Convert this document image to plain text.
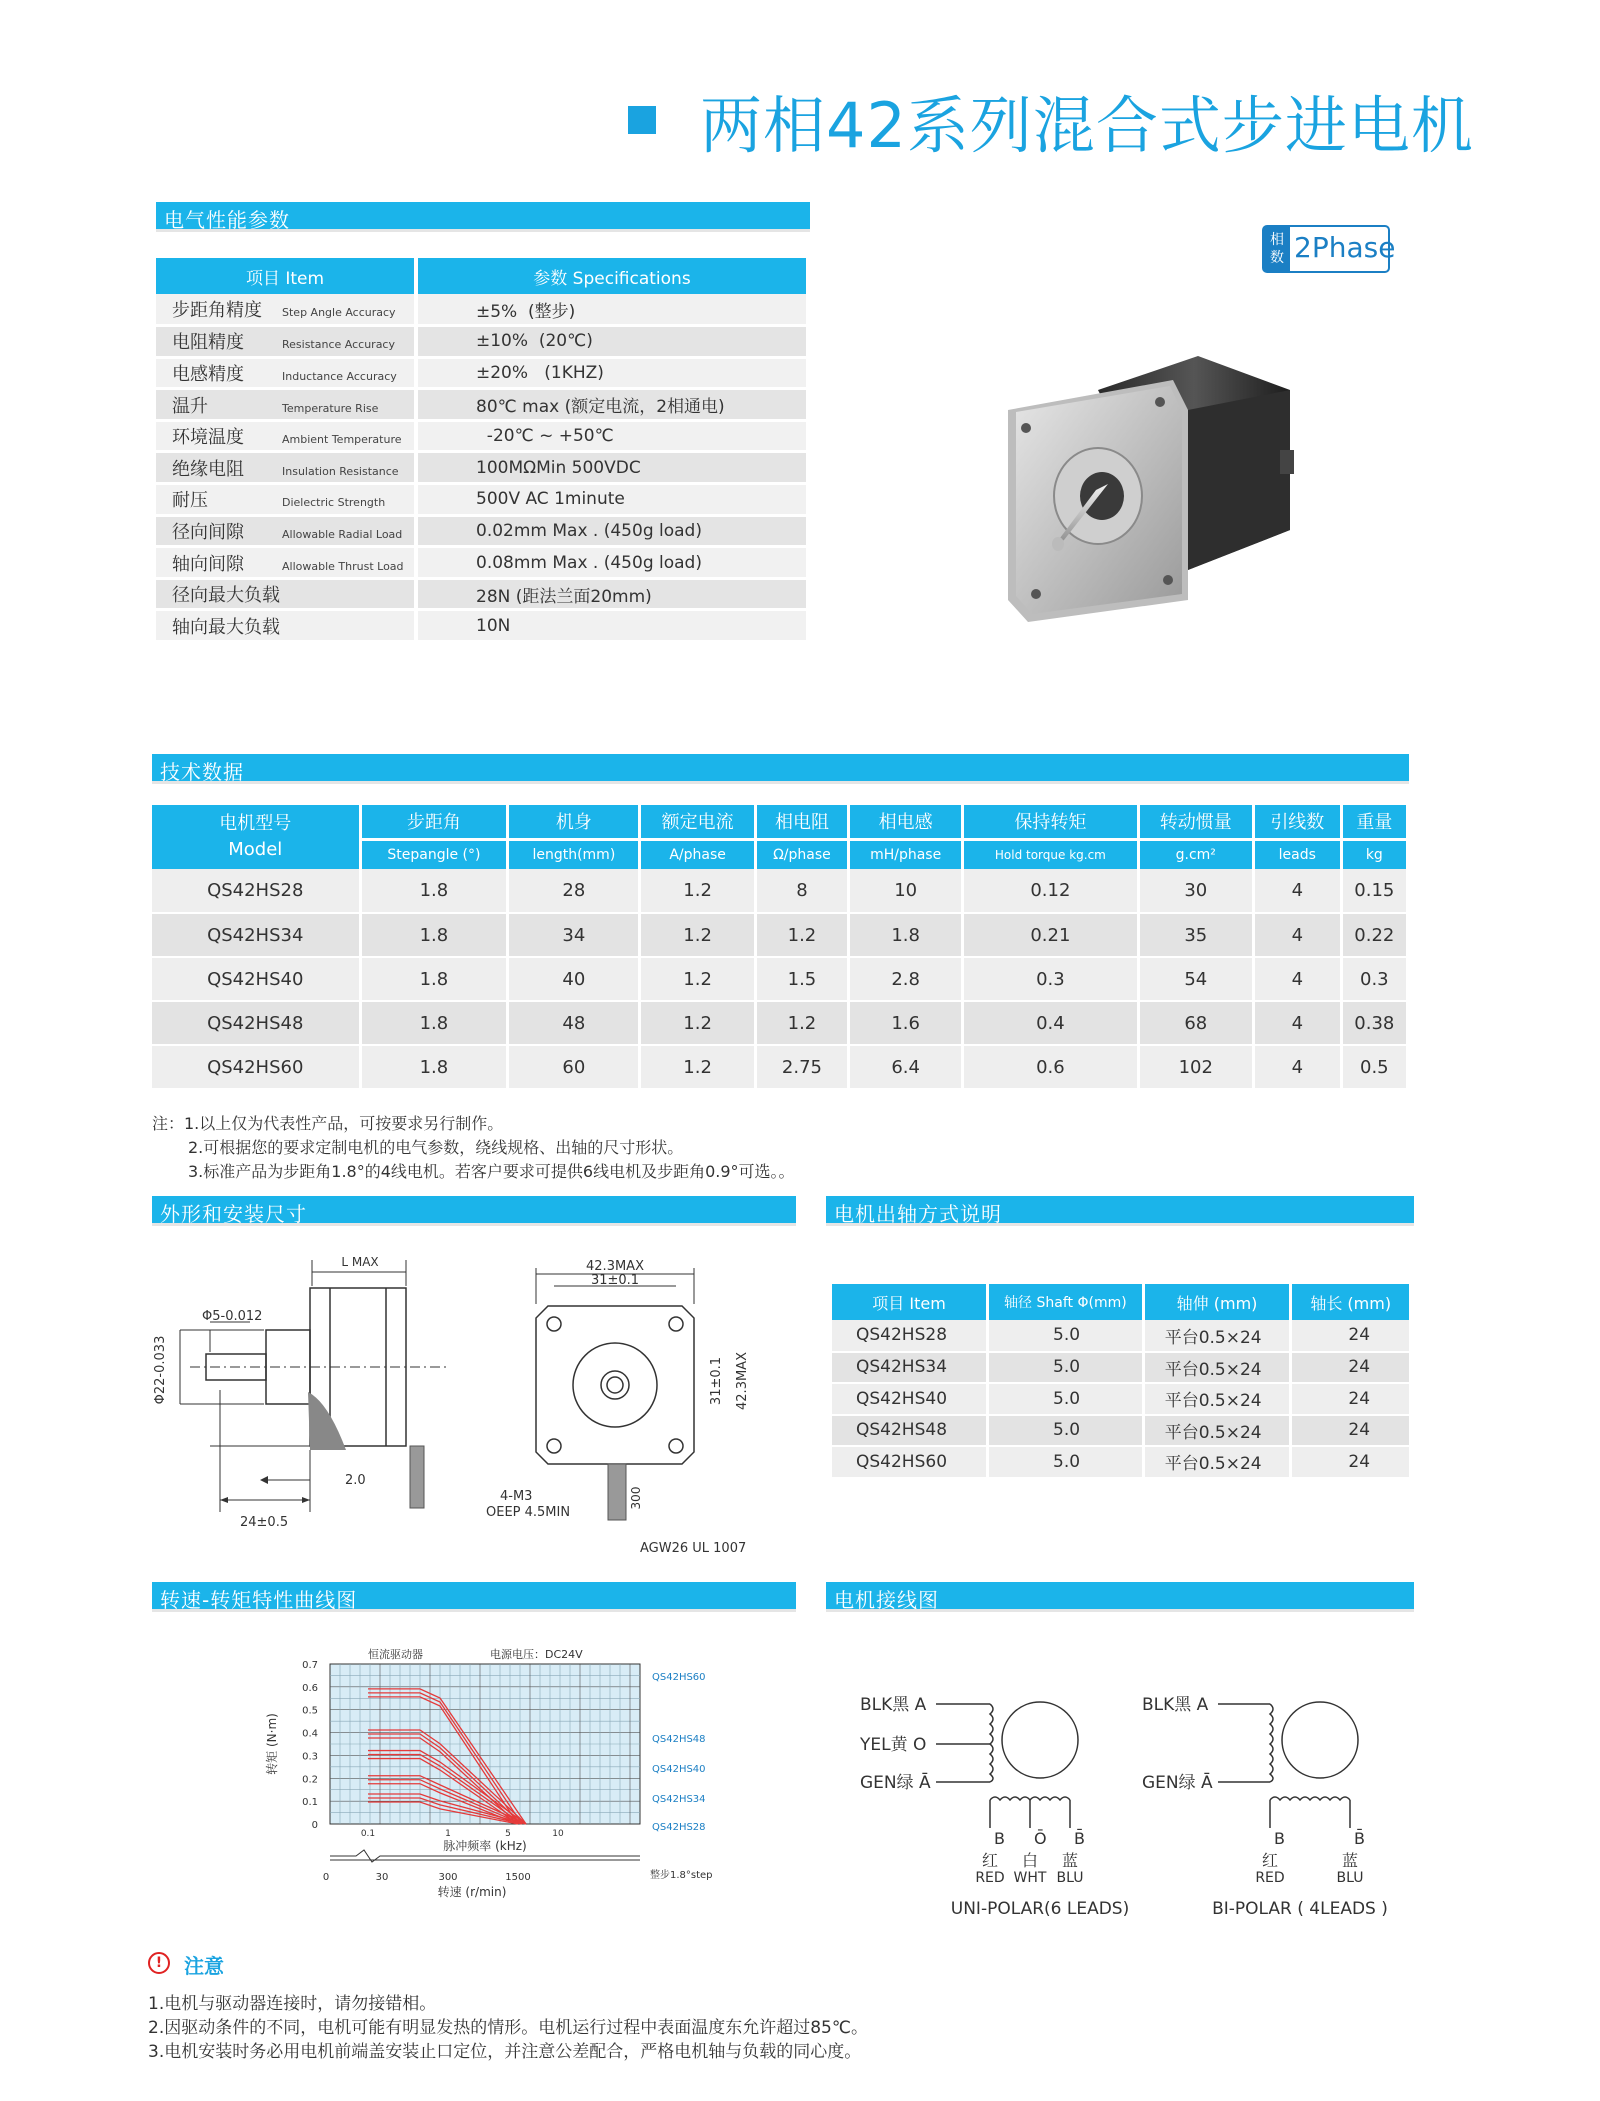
两相42系列混合式步进电机
电气性能参数
相
数 2Phase
项目 Item	参数 Specifications
步距角精度 Step Angle Accuracy	±5%  (整步)
电阻精度 Resistance Accuracy	±10%  (20℃)
电感精度 Inductance Accuracy	±20%   (1KHZ)
温升 Temperature Rise	80℃ max (额定电流，2相通电)
环境温度 Ambient Temperature	-20℃ ~ +50℃
绝缘电阻 Insulation Resistance	100MΩMin 500VDC
耐压 Dielectric Strength	500V AC 1minute
径向间隙 Allowable Radial Load	0.02mm Max . (450g load)
轴向间隙 Allowable Thrust Load	0.08mm Max . (450g load)
径向最大负载	28N (距法兰面20mm)
轴向最大负载	10N
技术数据
电机型号
Model	步距角	机身	额定电流	相电阻	相电感	保持转矩	转动惯量	引线数	重量
	Stepangle (°)	length(mm)	A/phase	Ω/phase	mH/phase	Hold torque kg.cm	g.cm²	leads	kg
QS42HS28	1.8	28	1.2	8	10	0.12	30	4	0.15
QS42HS34	1.8	34	1.2	1.2	1.8	0.21	35	4	0.22
QS42HS40	1.8	40	1.2	1.5	2.8	0.3	54	4	0.3
QS42HS48	1.8	48	1.2	1.2	1.6	0.4	68	4	0.38
QS42HS60	1.8	60	1.2	2.75	6.4	0.6	102	4	0.5
注：1.以上仅为代表性产品，可按要求另行制作。
2.可根据您的要求定制电机的电气参数，绕线规格、出轴的尺寸形状。
3.标准产品为步距角1.8°的4线电机。若客户要求可提供6线电机及步距角0.9°可选。。
外形和安装尺寸	电机出轴方式说明
L MAX
Φ5-0.012
Φ22-0.033
2.0
24±0.5
42.3MAX
31±0.1
31±0.1 42.3MAX
4-M3
OEEP 4.5MIN
300
AGW26 UL 1007
项目 Item	轴径 Shaft Φ(mm)	轴伸 (mm)	轴长 (mm)
QS42HS28	5.0	平台0.5×24	24
QS42HS34	5.0	平台0.5×24	24
QS42HS40	5.0	平台0.5×24	24
QS42HS48	5.0	平台0.5×24	24
QS42HS60	5.0	平台0.5×24	24
转速-转矩特性曲线图	电机接线图
恒流驱动器	电源电压：DC24V
0.7
0.6
0.5
0.4
0.3
0.2
0.1
0
0.1	1	5	10
0	30	300	1500
QS42HS60
QS42HS48
QS42HS40
QS42HS34
QS42HS28
转矩 (N·m)
脉冲频率 (kHz)
整步1.8°step
转速 (r/min)
BLK黑 A
YEL黄 O
GEN绿 Ā
B Ō B̄
红 白 蓝
RED WHT BLU
UNI-POLAR(6 LEADS)
BLK黑 A
GEN绿 Ā
B	B̄
红	蓝
RED	BLU
BI-POLAR ( 4LEADS )
!	注意
1.电机与驱动器连接时，请勿接错相。
2.因驱动条件的不同，电机可能有明显发热的情形。电机运行过程中表面温度东允许超过85℃。
3.电机安装时务必用电机前端盖安装止口定位，并注意公差配合，严格电机轴与负载的同心度。
